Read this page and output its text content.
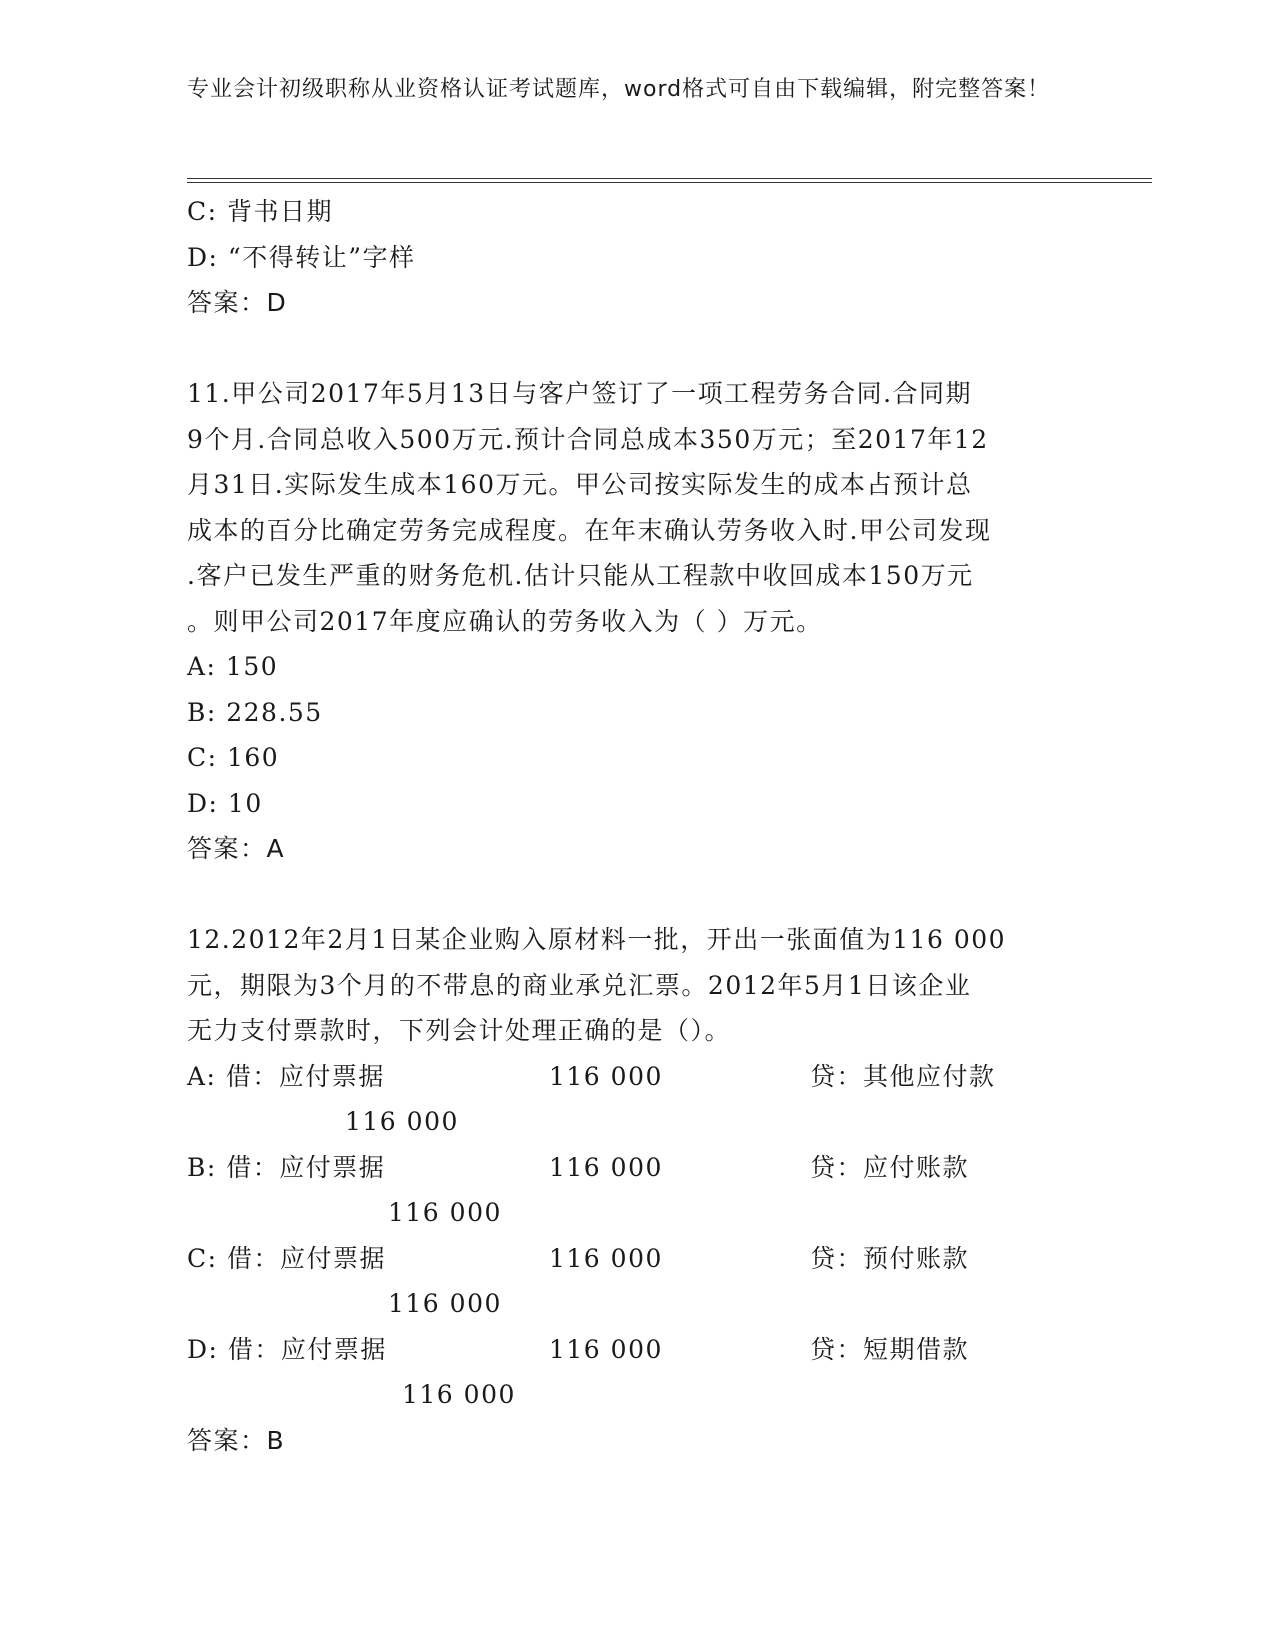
专业会计初级职称从业资格认证考试题库，word格式可自由下载编辑，附完整答案！
C: 背书日期
D: “不得转让”字样
答案：D
11.甲公司2017年5月13日与客户签订了一项工程劳务合同.合同期
9个月.合同总收入500万元.预计合同总成本350万元；至2017年12
月31日.实际发生成本160万元。甲公司按实际发生的成本占预计总
成本的百分比确定劳务完成程度。在年末确认劳务收入时.甲公司发现
.客户已发生严重的财务危机.估计只能从工程款中收回成本150万元
。则甲公司2017年度应确认的劳务收入为（ ）万元。
A: 150
B: 228.55
C: 160
D: 10
答案：A
12.2012年2月1日某企业购入原材料一批，开出一张面值为116 000
元，期限为3个月的不带息的商业承兑汇票。2012年5月1日该企业
无力支付票款时，下列会计处理正确的是（）。
A: 借：应付票据	116 000	贷：其他应付款
116 000
B: 借：应付票据	116 000	贷：应付账款
116 000
C: 借：应付票据	116 000	贷：预付账款
116 000
D: 借：应付票据	116 000	贷：短期借款
116 000
答案：B
